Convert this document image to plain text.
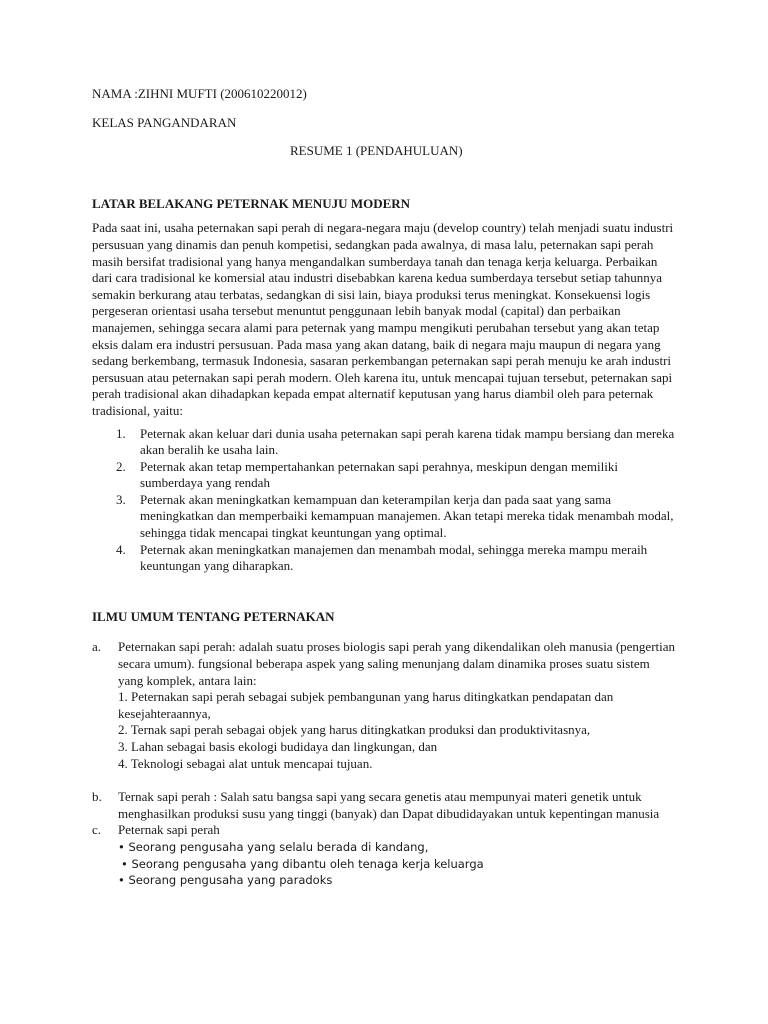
NAMA :ZIHNI MUFTI (200610220012)

KELAS PANGANDARAN

RESUME 1 (PENDAHULUAN)

LATAR BELAKANG PETERNAK MENUJU MODERN

Pada saat ini, usaha peternakan sapi perah di negara-negara maju (develop country) telah menjadi suatu industri persusuan yang dinamis dan penuh kompetisi, sedangkan pada awalnya, di masa lalu, peternakan sapi perah masih bersifat tradisional yang hanya mengandalkan sumberdaya tanah dan tenaga kerja keluarga. Perbaikan dari cara tradisional ke komersial atau industri disebabkan karena kedua sumberdaya tersebut setiap tahunnya semakin berkurang atau terbatas, sedangkan di sisi lain, biaya produksi terus meningkat. Konsekuensi logis pergeseran orientasi usaha tersebut menuntut penggunaan lebih banyak modal (capital) dan perbaikan manajemen, sehingga secara alami para peternak yang mampu mengikuti perubahan tersebut yang akan tetap eksis dalam era industri persusuan. Pada masa yang akan datang, baik di negara maju maupun di negara yang sedang berkembang, termasuk Indonesia, sasaran perkembangan peternakan sapi perah menuju ke arah industri persusuan atau peternakan sapi perah modern. Oleh karena itu, untuk mencapai tujuan tersebut, peternakan sapi perah tradisional akan dihadapkan kepada empat alternatif keputusan yang harus diambil oleh para peternak tradisional, yaitu:

1. Peternak akan keluar dari dunia usaha peternakan sapi perah karena tidak mampu bersiang dan mereka akan beralih ke usaha lain.
2. Peternak akan tetap mempertahankan peternakan sapi perahnya, meskipun dengan memiliki sumberdaya yang rendah
3. Peternak akan meningkatkan kemampuan dan keterampilan kerja dan pada saat yang sama meningkatkan dan memperbaiki kemampuan manajemen. Akan tetapi mereka tidak menambah modal, sehingga tidak mencapai tingkat keuntungan yang optimal.
4. Peternak akan meningkatkan manajemen dan menambah modal, sehingga mereka mampu meraih keuntungan yang diharapkan.

ILMU UMUM TENTANG PETERNAKAN

a. Peternakan sapi perah: adalah suatu proses biologis sapi perah yang dikendalikan oleh manusia (pengertian secara umum). fungsional beberapa aspek yang saling menunjang dalam dinamika proses suatu sistem yang komplek, antara lain:
1. Peternakan sapi perah sebagai subjek pembangunan yang harus ditingkatkan pendapatan dan kesejahteraannya,
2. Ternak sapi perah sebagai objek yang harus ditingkatkan produksi dan produktivitasnya,
3. Lahan sebagai basis ekologi budidaya dan lingkungan, dan
4. Teknologi sebagai alat untuk mencapai tujuan.
b. Ternak sapi perah : Salah satu bangsa sapi yang secara genetis atau mempunyai materi genetik untuk menghasilkan produksi susu yang tinggi (banyak) dan Dapat dibudidayakan untuk kepentingan manusia
c. Peternak sapi perah
• Seorang pengusaha yang selalu berada di kandang,
• Seorang pengusaha yang dibantu oleh tenaga kerja keluarga
• Seorang pengusaha yang paradoks
